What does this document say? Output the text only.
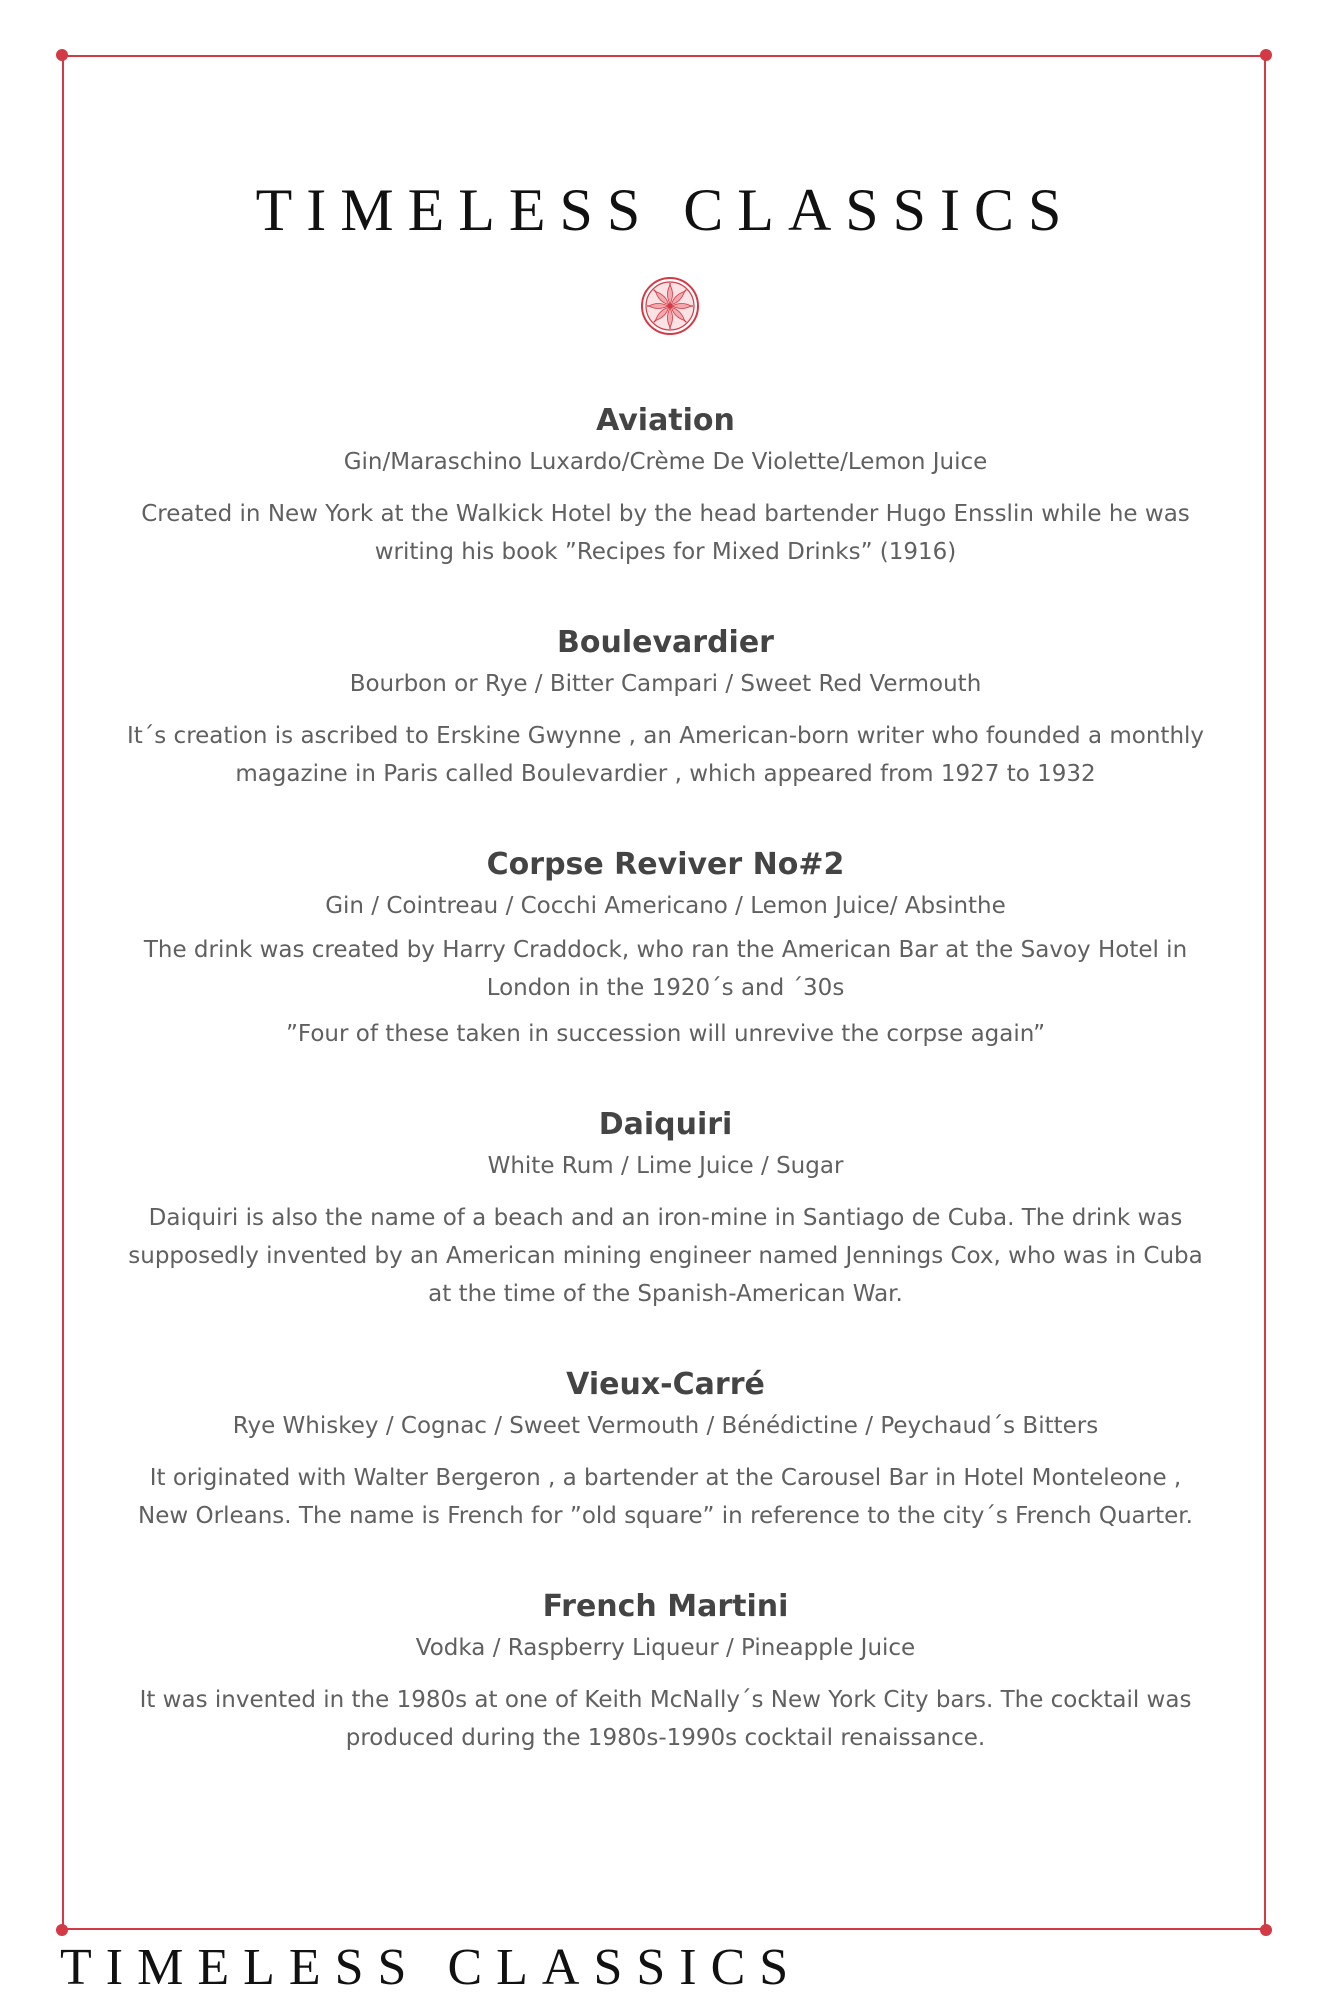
TIMELESS CLASSICS

Aviation

Gin/Maraschino Luxardo/Crème De Violette/Lemon Juice

Created in New York at the Walkick Hotel by the head bartender Hugo Ensslin while he was writing his book ”Recipes for Mixed Drinks” (1916)

Boulevardier

Bourbon or Rye / Bitter Campari / Sweet Red Vermouth

It´s creation is ascribed to Erskine Gwynne , an American-born writer who founded a monthly magazine in Paris called Boulevardier , which appeared from 1927 to 1932

Corpse Reviver No#2

Gin / Cointreau / Cocchi Americano / Lemon Juice/ Absinthe

The drink was created by Harry Craddock, who ran the American Bar at the Savoy Hotel in London in the 1920´s and ´30s

”Four of these taken in succession will unrevive the corpse again”

Daiquiri

White Rum / Lime Juice / Sugar

Daiquiri is also the name of a beach and an iron-mine in Santiago de Cuba. The drink was supposedly invented by an American mining engineer named Jennings Cox, who was in Cuba at the time of the Spanish-American War.

Vieux-Carré

Rye Whiskey / Cognac / Sweet Vermouth / Bénédictine / Peychaud´s Bitters

It originated with Walter Bergeron , a bartender at the Carousel Bar in Hotel Monteleone , New Orleans. The name is French for ”old square” in reference to the city´s French Quarter.

French Martini

Vodka / Raspberry Liqueur / Pineapple Juice

It was invented in the 1980s at one of Keith McNally´s New York City bars. The cocktail was produced during the 1980s-1990s cocktail renaissance.

TIMELESS CLASSICS
